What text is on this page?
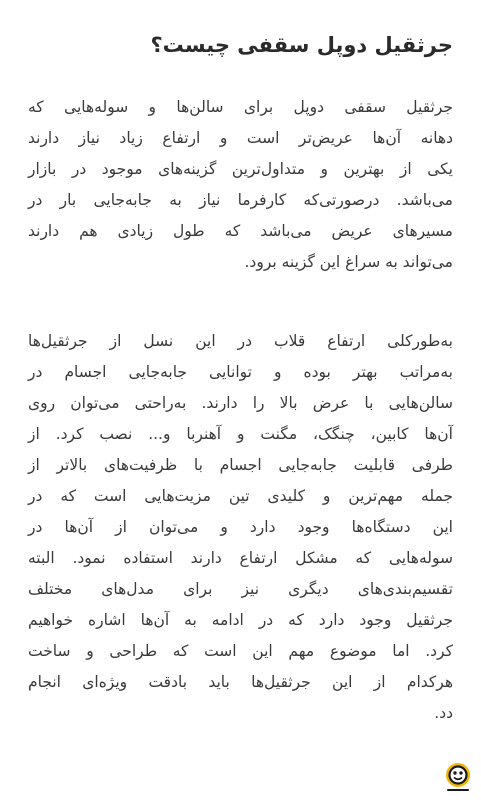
جرثقیل دوپل سقفی چیست؟

جرثقیل سقفی دوپل برای سالن‌ها و سوله‌هایی که
دهانه آن‌ها عریض‌تر است و ارتفاع زیاد نیاز دارند
یکی از بهترین و متداول‌ترین گزینه‌های موجود در بازار
می‌باشد. درصورتی‌که کارفرما نیاز به جابه‌جایی بار در
مسیرهای عریض می‌باشد که طول زیادی هم دارند
می‌تواند به سراغ این گزینه برود.

به‌طورکلی ارتفاع قلاب در این نسل از جرثقیل‌ها
به‌مراتب بهتر بوده و توانایی جابه‌جایی اجسام در
سالن‌هایی با عرض بالا را دارند. به‌راحتی می‌توان روی
آن‌ها کابین، چنگک، مگنت و آهنربا و... نصب کرد. از
طرفی قابلیت جابه‌جایی اجسام با ظرفیت‌های بالاتر از
جمله مهم‌ترین و کلیدی تین مزیت‌هایی است که در
این دستگاه‌ها وجود دارد و می‌توان از آن‌ها در
سوله‌هایی که مشکل ارتفاع دارند استفاده نمود. البته
تقسیم‌بندی‌های دیگری نیز برای مدل‌های مختلف
جرثقیل وجود دارد که در ادامه به آن‌ها اشاره خواهیم
کرد. اما موضوع مهم این است که طراحی و ساخت
هرکدام از این جرثقیل‌ها باید بادقت ویژه‌ای انجام
دد.
